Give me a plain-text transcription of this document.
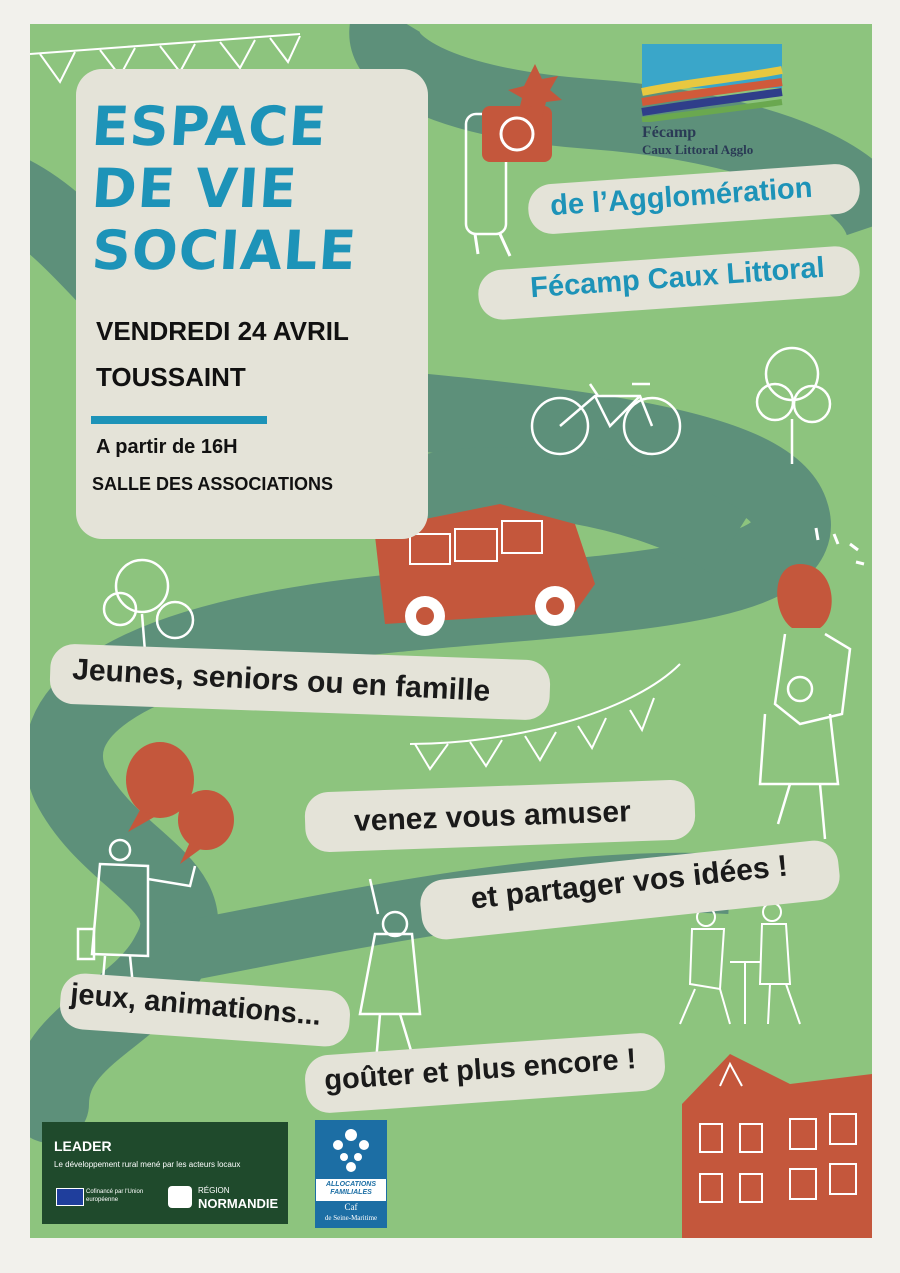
ESPACE
DE VIE
SOCIALE
VENDREDI 24 AVRIL
TOUSSAINT
A partir de 16H
SALLE DES ASSOCIATIONS
Fécamp
Caux Littoral Agglo
de l’Agglomération
Fécamp Caux Littoral
Jeunes, seniors ou en famille
venez vous amuser
et partager vos idées !
jeux, animations...
goûter et plus encore !
LEADER
Le développement rural mené par les acteurs locaux
Cofinancé par l'Union européenne
RÉGION
NORMANDIE
ALLOCATIONS
FAMILIALES
Caf
de Seine-Maritime
